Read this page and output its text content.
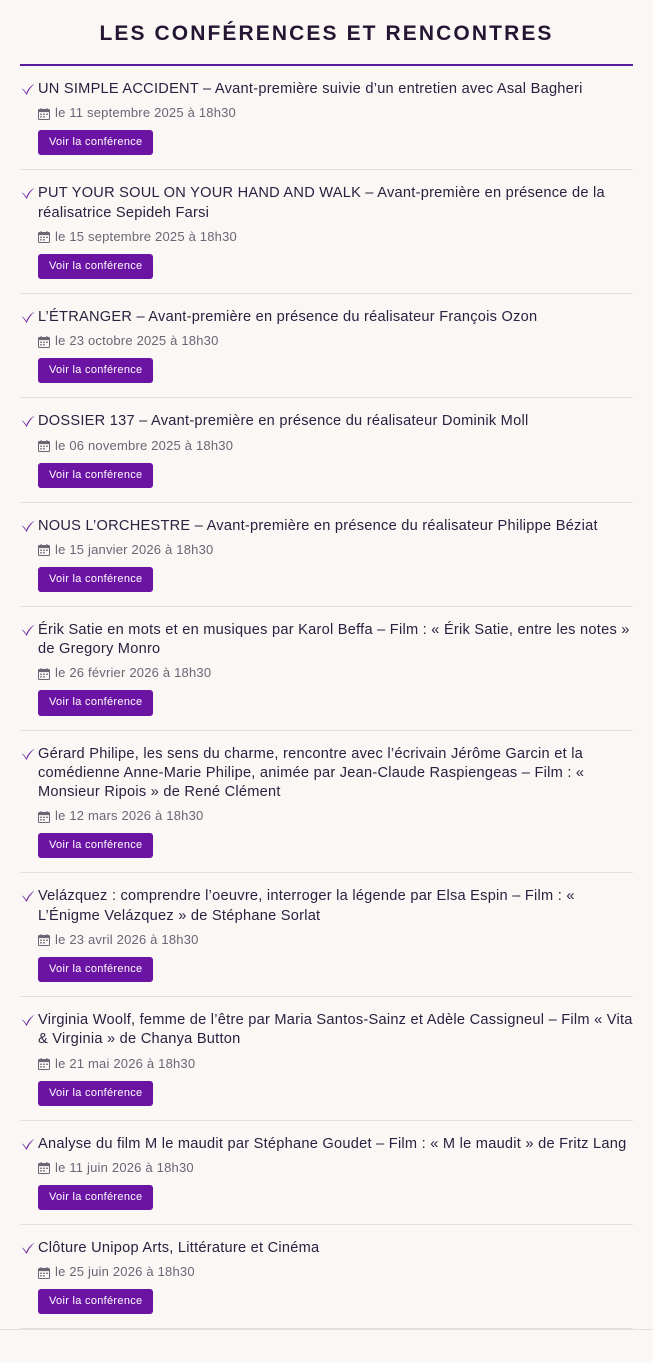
LES CONFÉRENCES ET RENCONTRES
UN SIMPLE ACCIDENT – Avant-première suivie d’un entretien avec Asal Bagheri
le 11 septembre 2025 à 18h30
Voir la conférence
PUT YOUR SOUL ON YOUR HAND AND WALK – Avant-première en présence de la réalisatrice Sepideh Farsi
le 15 septembre 2025 à 18h30
Voir la conférence
L’ÉTRANGER – Avant-première en présence du réalisateur François Ozon
le 23 octobre 2025 à 18h30
Voir la conférence
DOSSIER 137 – Avant-première en présence du réalisateur Dominik Moll
le 06 novembre 2025 à 18h30
Voir la conférence
NOUS L’ORCHESTRE – Avant-première en présence du réalisateur Philippe Béziat
le 15 janvier 2026 à 18h30
Voir la conférence
Érik Satie en mots et en musiques par Karol Beffa – Film : « Érik Satie, entre les notes » de Gregory Monro
le 26 février 2026 à 18h30
Voir la conférence
Gérard Philipe, les sens du charme, rencontre avec l’écrivain Jérôme Garcin et la comédienne Anne-Marie Philipe, animée par Jean-Claude Raspiengeas – Film : « Monsieur Ripois » de René Clément
le 12 mars 2026 à 18h30
Voir la conférence
Velázquez : comprendre l’oeuvre, interroger la légende par Elsa Espin – Film : « L’Énigme Velázquez » de Stéphane Sorlat
le 23 avril 2026 à 18h30
Voir la conférence
Virginia Woolf, femme de l’être par Maria Santos-Sainz et Adèle Cassigneul – Film « Vita & Virginia » de Chanya Button
le 21 mai 2026 à 18h30
Voir la conférence
Analyse du film M le maudit par Stéphane Goudet – Film : « M le maudit » de Fritz Lang
le 11 juin 2026 à 18h30
Voir la conférence
Clôture Unipop Arts, Littérature et Cinéma
le 25 juin 2026 à 18h30
Voir la conférence
